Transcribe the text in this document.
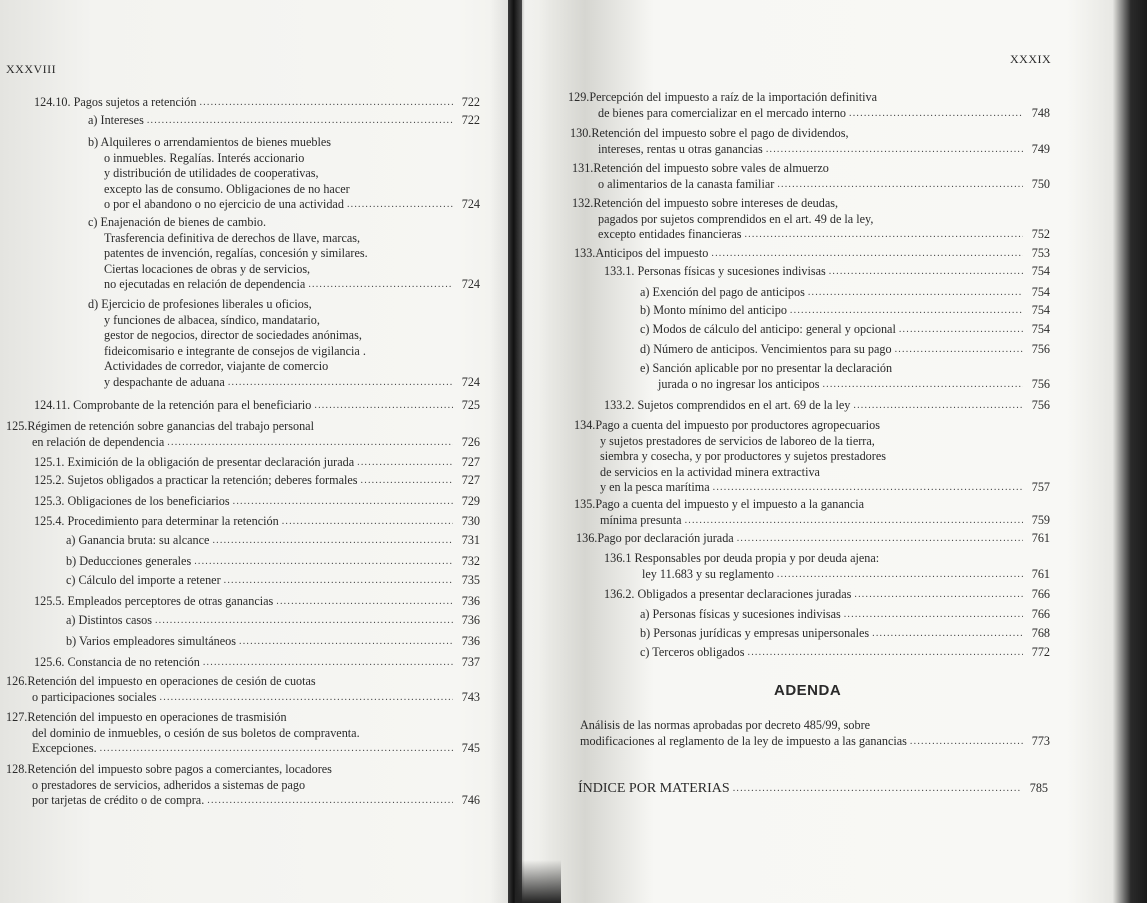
XXXVIII
124.10. Pagos sujetos a retención .....	722
a) Intereses .....	722
b) Alquileres o arrendamientos de bienes muebles
o inmuebles. Regalías. Interés accionario
y distribución de utilidades de cooperativas,
excepto las de consumo. Obligaciones de no hacer
o por el abandono o no ejercicio de una actividad .....	724
c) Enajenación de bienes de cambio.
Trasferencia definitiva de derechos de llave, marcas,
patentes de invención, regalías, concesión y similares.
Ciertas locaciones de obras y de servicios,
no ejecutadas en relación de dependencia .....	724
d) Ejercicio de profesiones liberales u oficios,
y funciones de albacea, síndico, mandatario,
gestor de negocios, director de sociedades anónimas,
fideicomisario e integrante de consejos de vigilancia .
Actividades de corredor, viajante de comercio
y despachante de aduana .....	724
124.11. Comprobante de la retención para el beneficiario .....	725
125.Régimen de retención sobre ganancias del trabajo personal
en relación de dependencia .....	726
125.1. Eximición de la obligación de presentar declaración jurada .....	727
125.2. Sujetos obligados a practicar la retención; deberes formales .....	727
125.3. Obligaciones de los beneficiarios .....	729
125.4. Procedimiento para determinar la retención .....	730
a) Ganancia bruta: su alcance .....	731
b) Deducciones generales .....	732
c) Cálculo del importe a retener .....	735
125.5. Empleados perceptores de otras ganancias .....	736
a) Distintos casos .....	736
b) Varios empleadores simultáneos .....	736
125.6. Constancia de no retención .....	737
126.Retención del impuesto en operaciones de cesión de cuotas
o participaciones sociales .....	743
127.Retención del impuesto en operaciones de trasmisión
del dominio de inmuebles, o cesión de sus boletos de compraventa.
Excepciones. .....	745
128.Retención del impuesto sobre pagos a comerciantes, locadores
o prestadores de servicios, adheridos a sistemas de pago
por tarjetas de crédito o de compra. .....	746
XXXIX
129.Percepción del impuesto a raíz de la importación definitiva
de bienes para comercializar en el mercado interno .....	748
130.Retención del impuesto sobre el pago de dividendos,
intereses, rentas u otras ganancias .....	749
131.Retención del impuesto sobre vales de almuerzo
o alimentarios de la canasta familiar .....	750
132.Retención del impuesto sobre intereses de deudas,
pagados por sujetos comprendidos en el art. 49 de la ley,
excepto entidades financieras .....	752
133.Anticipos del impuesto .....	753
133.1. Personas físicas y sucesiones indivisas .....	754
a) Exención del pago de anticipos .....	754
b) Monto mínimo del anticipo .....	754
c) Modos de cálculo del anticipo: general y opcional .....	754
d) Número de anticipos. Vencimientos para su pago .....	756
e) Sanción aplicable por no presentar la declaración
jurada o no ingresar los anticipos .....	756
133.2. Sujetos comprendidos en el art. 69 de la ley .....	756
134.Pago a cuenta del impuesto por productores agropecuarios
y sujetos prestadores de servicios de laboreo de la tierra,
siembra y cosecha, y por productores y sujetos prestadores
de servicios en la actividad minera extractiva
y en la pesca marítima .....	757
135.Pago a cuenta del impuesto y el impuesto a la ganancia
mínima presunta .....	759
136.Pago por declaración jurada .....	761
136.1 Responsables por deuda propia y por deuda ajena:
ley 11.683 y su reglamento .....	761
136.2. Obligados a presentar declaraciones juradas .....	766
a) Personas físicas y sucesiones indivisas .....	766
b) Personas jurídicas y empresas unipersonales .....	768
c) Terceros obligados .....	772
ADENDA
Análisis de las normas aprobadas por decreto 485/99, sobre
modificaciones al reglamento de la ley de impuesto a las ganancias .....	773
ÍNDICE POR MATERIAS .....	785
